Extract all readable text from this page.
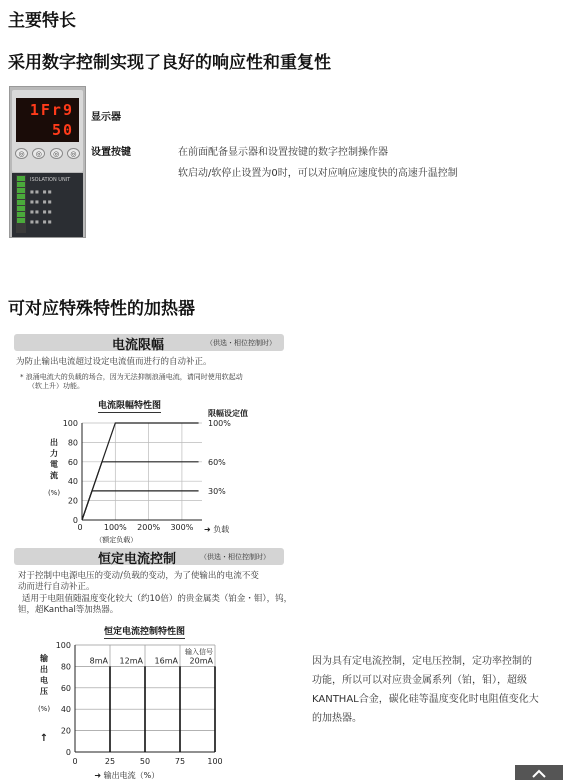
主要特长
采用数字控制实现了良好的响应性和重复性
1Fr9
50
◎	◎	◎	◎
ISOLATION UNIT
■ ■   ■ ■
■ ■   ■ ■
■ ■   ■ ■
■ ■   ■ ■
显示器
设置按键	在前面配备显示器和设置按键的数字控制操作器
软启动/软停止设置为0时，可以对应响应速度快的高速升温控制
可对应特殊特性的加热器
电流限幅	（供选・相位控制时）
为防止输出电流超过设定电流值而进行的自动补正。
* 浪涌电流大的负载的场合，因为无法抑制浪涌电流，请同时使用软起动
（软上升）功能。
电流限幅特性图
0
20
40
60
80
100
0	100% 200% 300%
（额定负载）
➜ 负载
出
力
電
流
(%)
限幅设定值
100%
60%
30%
恒定电流控制	（供选・相位控制时）
对于控制中电源电压的变动/负载的变动，为了使输出的电流不变
动而进行自动补正。
适用于电阻值随温度变化较大（约10倍）的贵金属类（铂金・钼），钨，
钽，超Kanthal等加热器。
恒定电流控制特性图
0
20
40
60
80
100
0	25	50	75	100
➜ 输出电流（%）
输
出
电
压
(%)
↑
输入信号
8mA 12mA 16mA 20mA	因为具有定电流控制，定电压控制，定功率控制的
功能，所以可以对应贵金属系列（铂，钼），超级
KANTHAL合金，碳化硅等温度变化时电阻值变化大
的加热器。
